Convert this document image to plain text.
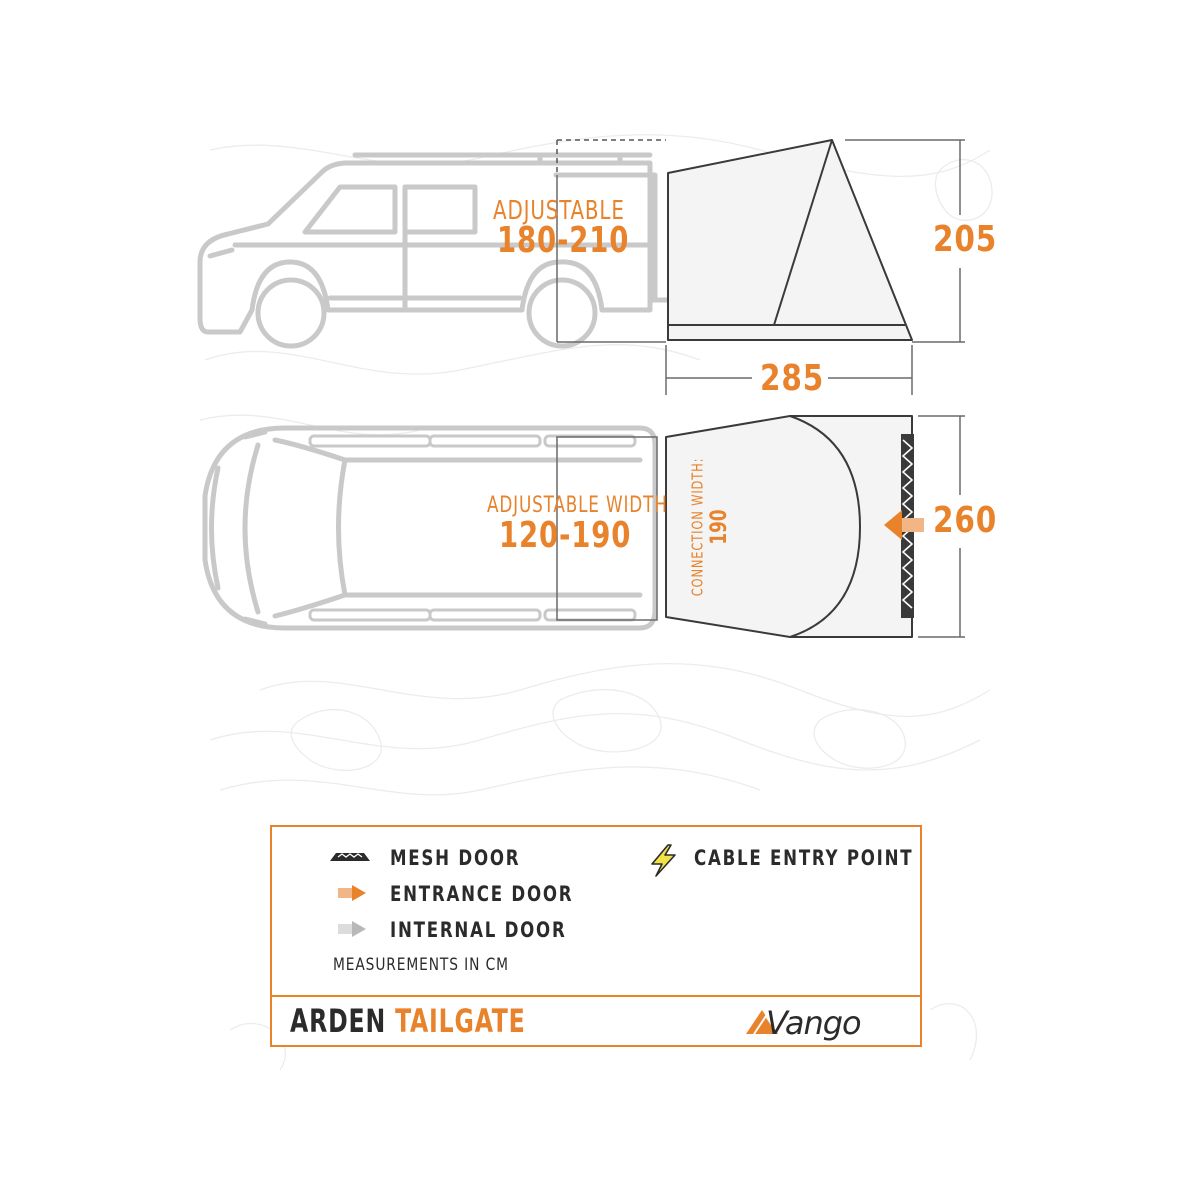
ADJUSTABLE
180-210	205
285
260
ADJUSTABLE WIDTH
120-190	CONNECTION WIDTH: 190
MESH DOOR
ENTRANCE DOOR
INTERNAL DOOR
CABLE ENTRY POINT
MEASUREMENTS IN CM
ARDEN TAILGATE	Vango
